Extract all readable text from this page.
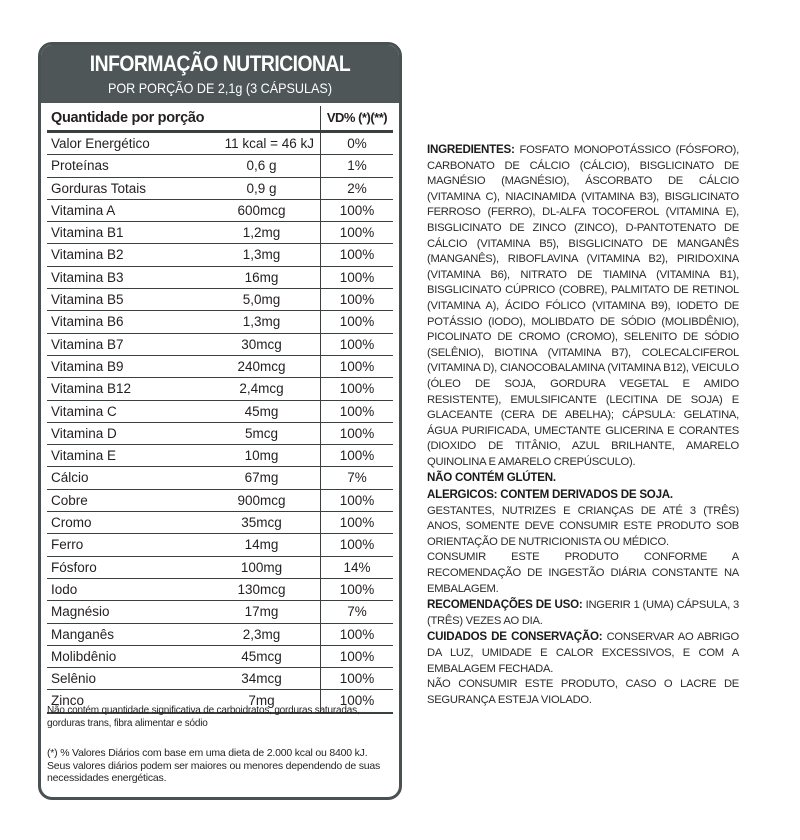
INFORMAÇÃO NUTRICIONAL
POR PORÇÃO DE 2,1g (3 CÁPSULAS)
Quantidade por porção	VD% (*)(**)
Valor Energético	11 kcal = 46 kJ	0%
Proteínas	0,6 g	1%
Gorduras Totais	0,9 g	2%
Vitamina A	600mcg	100%
Vitamina B1	1,2mg	100%
Vitamina B2	1,3mg	100%
Vitamina B3	16mg	100%
Vitamina B5	5,0mg	100%
Vitamina B6	1,3mg	100%
Vitamina B7	30mcg	100%
Vitamina B9	240mcg	100%
Vitamina B12	2,4mcg	100%
Vitamina C	45mg	100%
Vitamina D	5mcg	100%
Vitamina E	10mg	100%
Cálcio	67mg	7%
Cobre	900mcg	100%
Cromo	35mcg	100%
Ferro	14mg	100%
Fósforo	100mg	14%
Iodo	130mcg	100%
Magnésio	17mg	7%
Manganês	2,3mg	100%
Molibdênio	45mcg	100%
Selênio	34mcg	100%
Zinco	7mg	100%
Não contém quantidade significativa de carboidratos, gorduras saturadas, gorduras trans, fibra alimentar e sódio
(*) % Valores Diários com base em uma dieta de 2.000 kcal ou 8400 kJ. Seus valores diários podem ser maiores ou menores dependendo de suas necessidades energéticas.

INGREDIENTES: FOSFATO MONOPOTÁSSICO (FÓSFORO), CARBONATO DE CÁLCIO (CÁLCIO), BISGLICINATO DE MAGNÉSIO (MAGNÉSIO), ÁSCORBATO DE CÁLCIO (VITAMINA C), NIACINAMIDA (VITAMINA B3), BISGLICINATO FERROSO (FERRO), DL-ALFA TOCOFEROL (VITAMINA E), BISGLICINATO DE ZINCO (ZINCO), D-PANTOTENATO DE CÁLCIO (VITAMINA B5), BISGLICINATO DE MANGANÊS (MANGANÊS), RIBOFLAVINA (VITAMINA B2), PIRIDOXINA (VITAMINA B6), NITRATO DE TIAMINA (VITAMINA B1), BISGLICINATO CÚPRICO (COBRE), PALMITATO DE RETINOL (VITAMINA A), ÁCIDO FÓLICO (VITAMINA B9), IODETO DE POTÁSSIO (IODO), MOLIBDATO DE SÓDIO (MOLIBDÊNIO), PICOLINATO DE CROMO (CROMO), SELENITO DE SÓDIO (SELÊNIO), BIOTINA (VITAMINA B7), COLECALCIFEROL (VITAMINA D), CIANOCOBALAMINA (VITAMINA B12), VEICULO (ÓLEO DE SOJA, GORDURA VEGETAL E AMIDO RESISTENTE), EMULSIFICANTE (LECITINA DE SOJA) E GLACEANTE (CERA DE ABELHA); CÁPSULA: GELATINA, ÁGUA PURIFICADA, UMECTANTE GLICERINA E CORANTES (DIOXIDO DE TITÂNIO, AZUL BRILHANTE, AMARELO QUINOLINA E AMARELO CREPÚSCULO).

NÃO CONTÉM GLÚTEN.

ALERGICOS: CONTEM DERIVADOS DE SOJA.

GESTANTES, NUTRIZES E CRIANÇAS DE ATÉ 3 (TRÊS) ANOS, SOMENTE DEVE CONSUMIR ESTE PRODUTO SOB ORIENTAÇÃO DE NUTRICIONISTA OU MÉDICO.

CONSUMIR ESTE PRODUTO CONFORME A RECOMENDAÇÃO DE INGESTÃO DIÁRIA CONSTANTE NA EMBALAGEM.

RECOMENDAÇÕES DE USO: INGERIR 1 (UMA) CÁPSULA, 3 (TRÊS) VEZES AO DIA.

CUIDADOS DE CONSERVAÇÃO: CONSERVAR AO ABRIGO DA LUZ, UMIDADE E CALOR EXCESSIVOS, E COM A EMBALAGEM FECHADA.

NÃO CONSUMIR ESTE PRODUTO, CASO O LACRE DE SEGURANÇA ESTEJA VIOLADO.
